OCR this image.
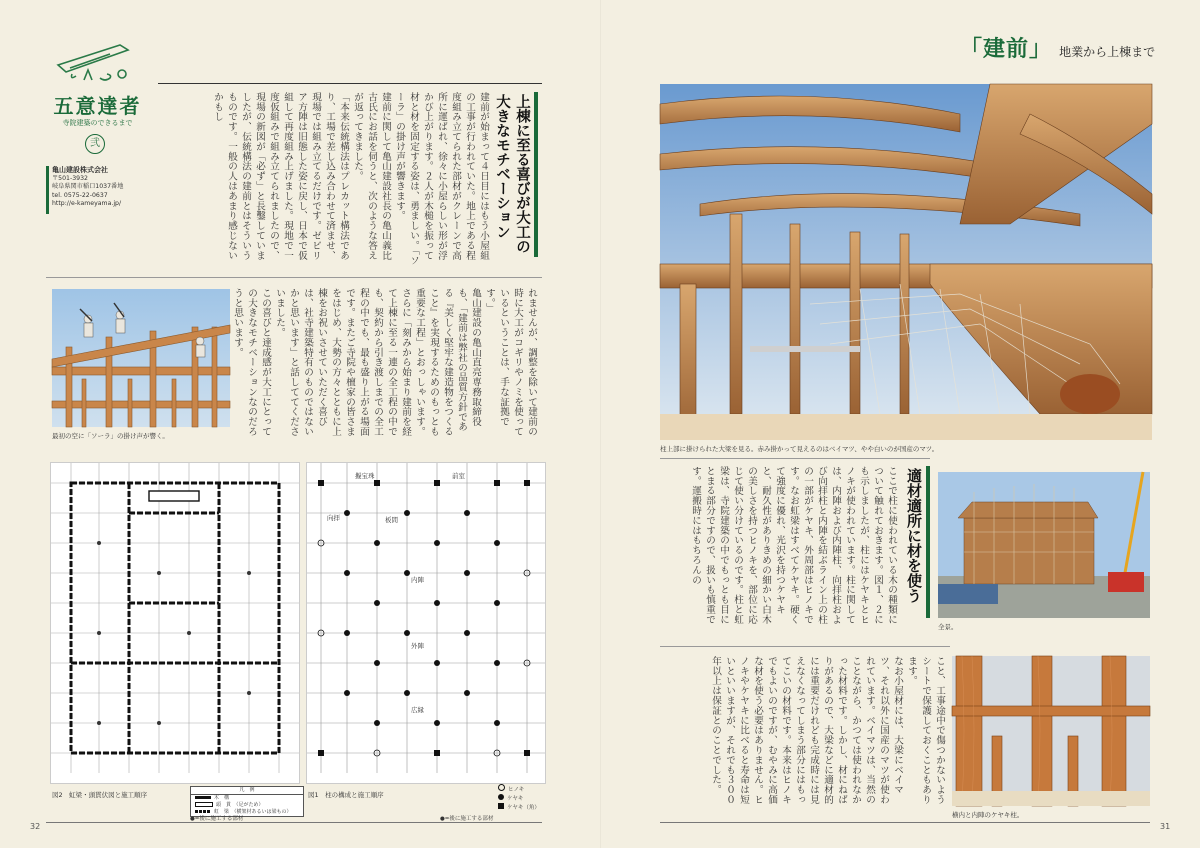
五意達者
寺院建築のできるまで
弐
亀山建設株式会社
〒501-3932
岐阜県関市稲口1037番地
tel. 0575-22-0637
http://e-kameyama.jp/	上棟に至る喜びが大工の大きなモチベーション
建前が始まって４日目にはもう小屋組の工事が行われていた。地上である程度組み立てられた部材がクレーンで高所に運ばれ、徐々に小屋らしい形が浮かび上がります。２人が木槌を振って材と材を固定する姿は、勇ましい。「ソーラ」の掛け声が響きます。
建前に関して亀山建設社長の亀山義比古氏にお話を伺うと、次のような答えが返ってきました。
「本来伝統構法はプレカット構法であり、工場で差し込み合わせて済ませ、現場では組み立てるだけです。ゼビリア方陣は旧態した姿に戻し、日本で仮組して再度組み上げました。現地で一度仮組みで組み立てられましたので、現場の新図が「必ず」と長鑿していましたが、伝統構法の建前とはそういうものです。一般の人はあまり感じないかもし
最初の空に「ソーラ」の掛け声が響く。	れませんが、調整を除いて建前の時に大工がコギリやノミを使っているということは、手な証拠です。」
亀山建設の亀山直亮専務取締役も、「建前は弊社の品質方針である『美しく堅牢な建造物をつくること』を実現するためのもっとも重要な工程」とおっしゃいます。さらに「刻みから始まり建前を経て上棟に至る一連の全工程の中でも、契約から引き渡しまでの全工程の中でも、最も盛り上がる場面です。またご寺院や檀家の皆さまをはじめ、大勢の方々とともに上棟をお祝いさせていただく喜びは、社寺建築特有のものではないかと思います」と話しててくださいました。
この喜びと達成感が大工にとっての大きなモチベーションなのだろうと思います。
図2　虹梁・頭貫伏図と施工順序
凡　例
木　構
頭　貫　（足がため）
虹　梁　（横架材あるいは梁もの）
●=後に施工する部材
擬宝珠	前室
内陣
外陣
広縁
向拝	板間
図1　柱の構成と施工順序
ヒノキ
ケヤキ
ケヤキ（角）
●=後に施工する部材
32
「建前」 地業から上棟まで
柱上部に掛けられた大梁を見る。赤み掛かって見えるのはベイマツ、やや白いのが国産のマツ。
適材適所に材を使う
ここで柱に使われている木の種類について触れておきます。図１、２にも示しましたが、柱にはケヤキとヒノキが使われています。柱に関しては、内陣および内陣柱、向拝柱および向拝柱と内陣を結ぶライン上の柱の一部がケヤキ、外周部はヒノキです。なお虹梁はすべてケヤキ。硬くて強度に優れ、光沢を持つケヤキと、耐久性がありきめの細かい白木の美しさを持つヒノキを、部位に応じて使い分けているのです。柱と虹梁は、寺院建築の中でもっとも目にとまる部分ですので、扱いも慎重です。運搬時にはもちろんの
全景。
こと、工事途中で傷つかないようシートで保護しておくこともあります。
なお小屋材には、大梁にベイマツ、それ以外に国産のマツが使われています。ベイマツは、当然のことながら、かつては使われなかった材料です。しかし、材にねばりがあるので、大梁などに適材的には重要だけれども完成時には見えなくなってしまう部分にはもってこいの材料です。本来はヒノキでもよいのですが、むやみに高価な材を使う必要はありません。ヒノキやケヤキに比べると寿命は短いといいますが、それでも３００年以上は保証とのことでした。
横内と内陣のケヤキ柱。
31
